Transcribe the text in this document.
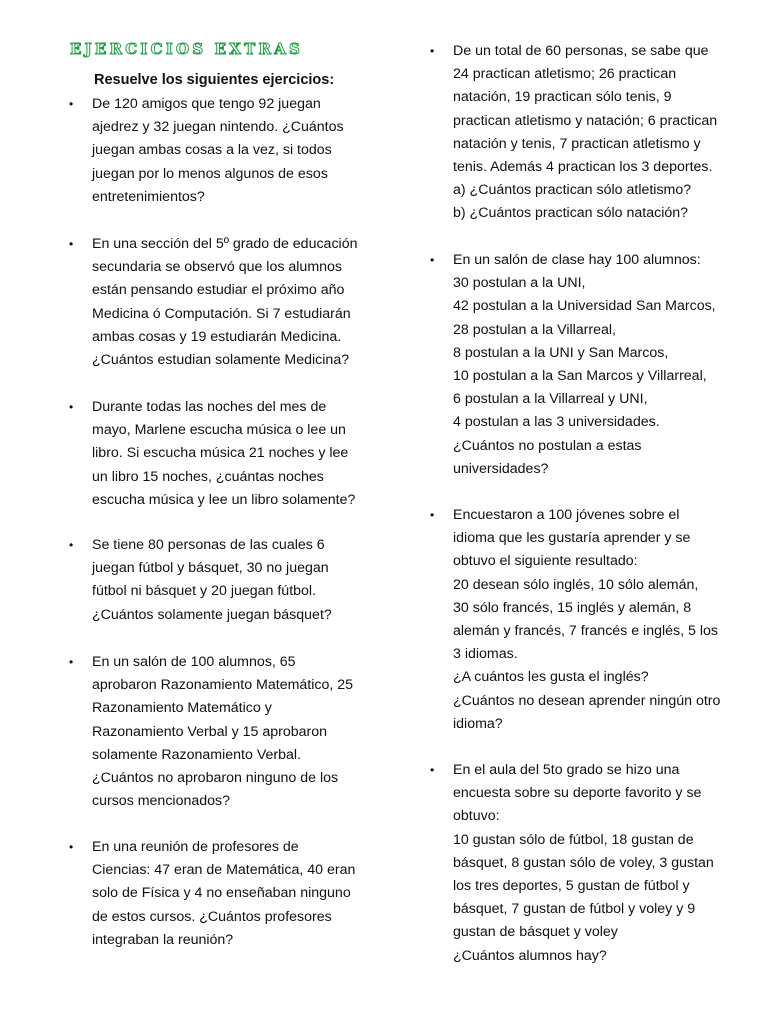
EJERCICIOS EXTRAS
Resuelve los siguientes ejercicios:
• De 120 amigos que tengo 92 juegan
ajedrez y 32 juegan nintendo. ¿Cuántos
juegan ambas cosas a la vez, si todos
juegan por lo menos algunos de esos
entretenimientos?
• En una sección del 5º grado de educación
secundaria se observó que los alumnos
están pensando estudiar el próximo año
Medicina ó Computación. Si 7 estudiarán
ambas cosas y 19 estudiarán Medicina.
¿Cuántos estudian solamente Medicina?
• Durante todas las noches del mes de
mayo, Marlene escucha música o lee un
libro. Si escucha música 21 noches y lee
un libro 15 noches, ¿cuántas noches
escucha música y lee un libro solamente?
• Se tiene 80 personas de las cuales 6
juegan fútbol y básquet, 30 no juegan
fútbol ni básquet y 20 juegan fútbol.
¿Cuántos solamente juegan básquet?
• En un salón de 100 alumnos, 65
aprobaron Razonamiento Matemático, 25
Razonamiento Matemático y
Razonamiento Verbal y 15 aprobaron
solamente Razonamiento Verbal.
¿Cuántos no aprobaron ninguno de los
cursos mencionados?
• En una reunión de profesores de
Ciencias: 47 eran de Matemática, 40 eran
solo de Física y 4 no enseñaban ninguno
de estos cursos. ¿Cuántos profesores
integraban la reunión?
• De un total de 60 personas, se sabe que
24 practican atletismo; 26 practican
natación, 19 practican sólo tenis, 9
practican atletismo y natación; 6 practican
natación y tenis, 7 practican atletismo y
tenis. Además 4 practican los 3 deportes.
a) ¿Cuántos practican sólo atletismo?
b) ¿Cuántos practican sólo natación?
• En un salón de clase hay 100 alumnos:
30 postulan a la UNI,
42 postulan a la Universidad San Marcos,
28 postulan a la Villarreal,
8 postulan a la UNI y San Marcos,
10 postulan a la San Marcos y Villarreal,
6 postulan a la Villarreal y UNI,
4 postulan a las 3 universidades.
¿Cuántos no postulan a estas
universidades?
• Encuestaron a 100 jóvenes sobre el
idioma que les gustaría aprender y se
obtuvo el siguiente resultado:
20 desean sólo inglés, 10 sólo alemán,
30 sólo francés, 15 inglés y alemán, 8
alemán y francés, 7 francés e inglés, 5 los
3 idiomas.
¿A cuántos les gusta el inglés?
¿Cuántos no desean aprender ningún otro
idioma?
• En el aula del 5to grado se hizo una
encuesta sobre su deporte favorito y se
obtuvo:
10 gustan sólo de fútbol, 18 gustan de
básquet, 8 gustan sólo de voley, 3 gustan
los tres deportes, 5 gustan de fútbol y
básquet, 7 gustan de fútbol y voley y 9
gustan de básquet y voley
¿Cuántos alumnos hay?
